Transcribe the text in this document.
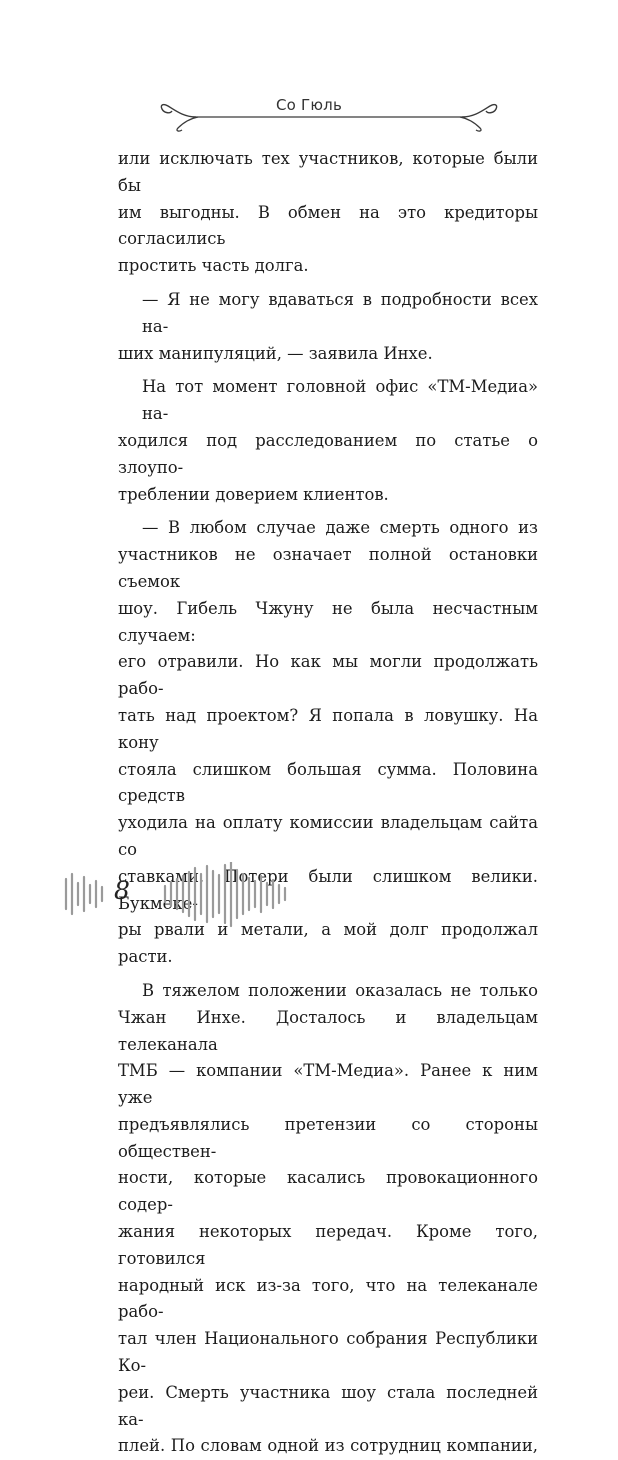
Со Гюль

или исключать тех участников, которые были бы

им выгодны. В обмен на это кредиторы согласились

простить часть долга.

— Я не могу вдаваться в подробности всех на-

ших манипуляций, — заявила Инхе.

На тот момент головной офис «ТМ-Медиа» на-

ходился под расследованием по статье о злоупо-

треблении доверием клиентов.

— В любом случае даже смерть одного из

участников не означает полной остановки съемок

шоу. Гибель Чжуну не была несчастным случаем:

его отравили. Но как мы могли продолжать рабо-

тать над проектом? Я попала в ловушку. На кону

стояла слишком большая сумма. Половина средств

уходила на оплату комиссии владельцам сайта со

ставками. Потери были слишком велики. Букмеке-

ры рвали и метали, а мой долг продолжал расти.

В тяжелом положении оказалась не только

Чжан Инхе. Досталось и владельцам телеканала

ТМБ — компании «ТМ-Медиа». Ранее к ним уже

предъявлялись претензии со стороны обществен-

ности, которые касались провокационного содер-

жания некоторых передач. Кроме того, готовился

народный иск из-за того, что на телеканале рабо-

тал член Национального собрания Республики Ко-

реи. Смерть участника шоу стала последней ка-

плей. По словам одной из сотрудниц компании,

8
